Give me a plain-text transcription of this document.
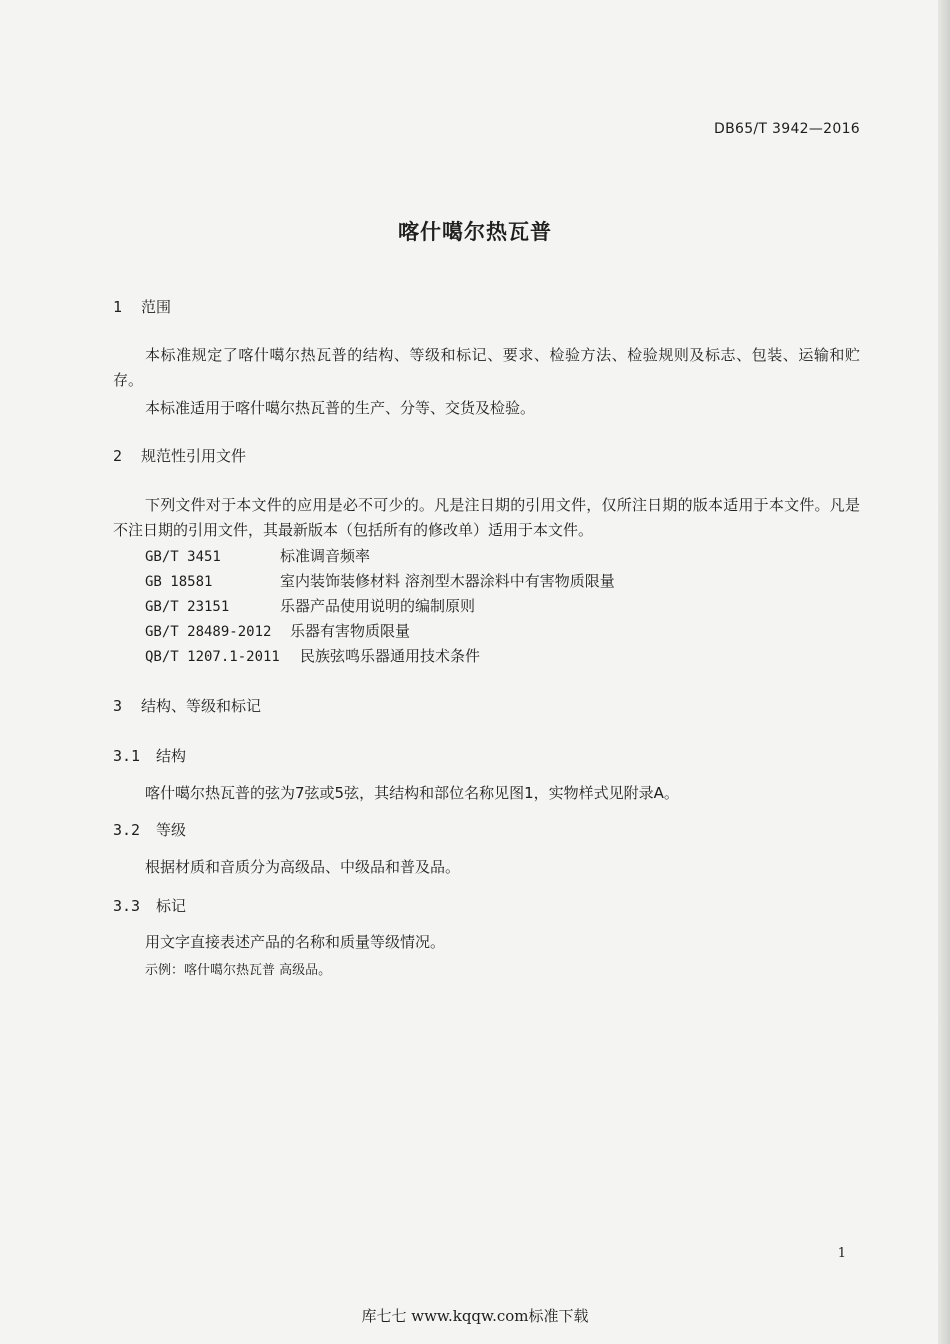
DB65/T 3942—2016
喀什噶尔热瓦普
1 范围
本标准规定了喀什噶尔热瓦普的结构、等级和标记、要求、检验方法、检验规则及标志、包装、运输和贮存。
本标准适用于喀什噶尔热瓦普的生产、分等、交货及检验。
2 规范性引用文件
下列文件对于本文件的应用是必不可少的。凡是注日期的引用文件，仅所注日期的版本适用于本文件。凡是不注日期的引用文件，其最新版本（包括所有的修改单）适用于本文件。
GB/T 3451	标准调音频率
GB 18581	室内装饰装修材料 溶剂型木器涂料中有害物质限量
GB/T 23151	乐器产品使用说明的编制原则
GB/T 28489-2012 乐器有害物质限量
QB/T 1207.1-2011 民族弦鸣乐器通用技术条件
3 结构、等级和标记
3.1 结构
喀什噶尔热瓦普的弦为7弦或5弦，其结构和部位名称见图1，实物样式见附录A。
3.2 等级
根据材质和音质分为高级品、中级品和普及品。
3.3 标记
用文字直接表述产品的名称和质量等级情况。
示例：喀什噶尔热瓦普 高级品。
1
库七七 www.kqqw.com标准下载
